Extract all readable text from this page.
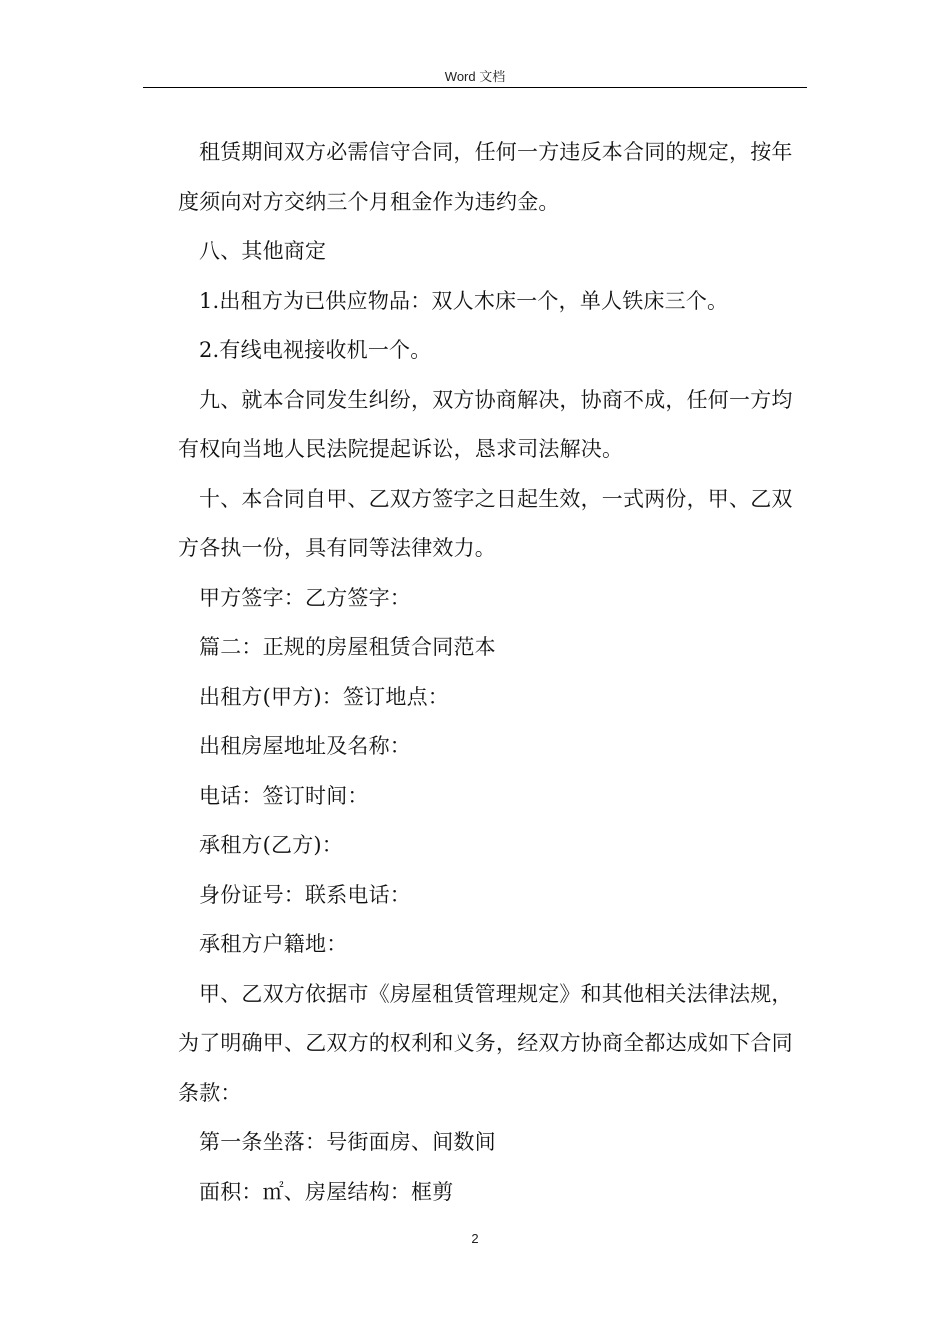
Word 文档

租赁期间双方必需信守合同，任何一方违反本合同的规定，按年度须向对方交纳三个月租金作为违约金。

八、其他商定

1.出租方为已供应物品：双人木床一个，单人铁床三个。

2.有线电视接收机一个。

九、就本合同发生纠纷，双方协商解决，协商不成，任何一方均有权向当地人民法院提起诉讼，恳求司法解决。

十、本合同自甲、乙双方签字之日起生效，一式两份，甲、乙双方各执一份，具有同等法律效力。

甲方签字：乙方签字：

篇二：正规的房屋租赁合同范本

出租方(甲方)：签订地点：

出租房屋地址及名称：

电话：签订时间：

承租方(乙方)：

身份证号：联系电话：

承租方户籍地：

甲、乙双方依据市《房屋租赁管理规定》和其他相关法律法规，为了明确甲、乙双方的权利和义务，经双方协商全都达成如下合同条款：

第一条坐落：号街面房、间数间

面积：㎡、房屋结构：框剪

2
